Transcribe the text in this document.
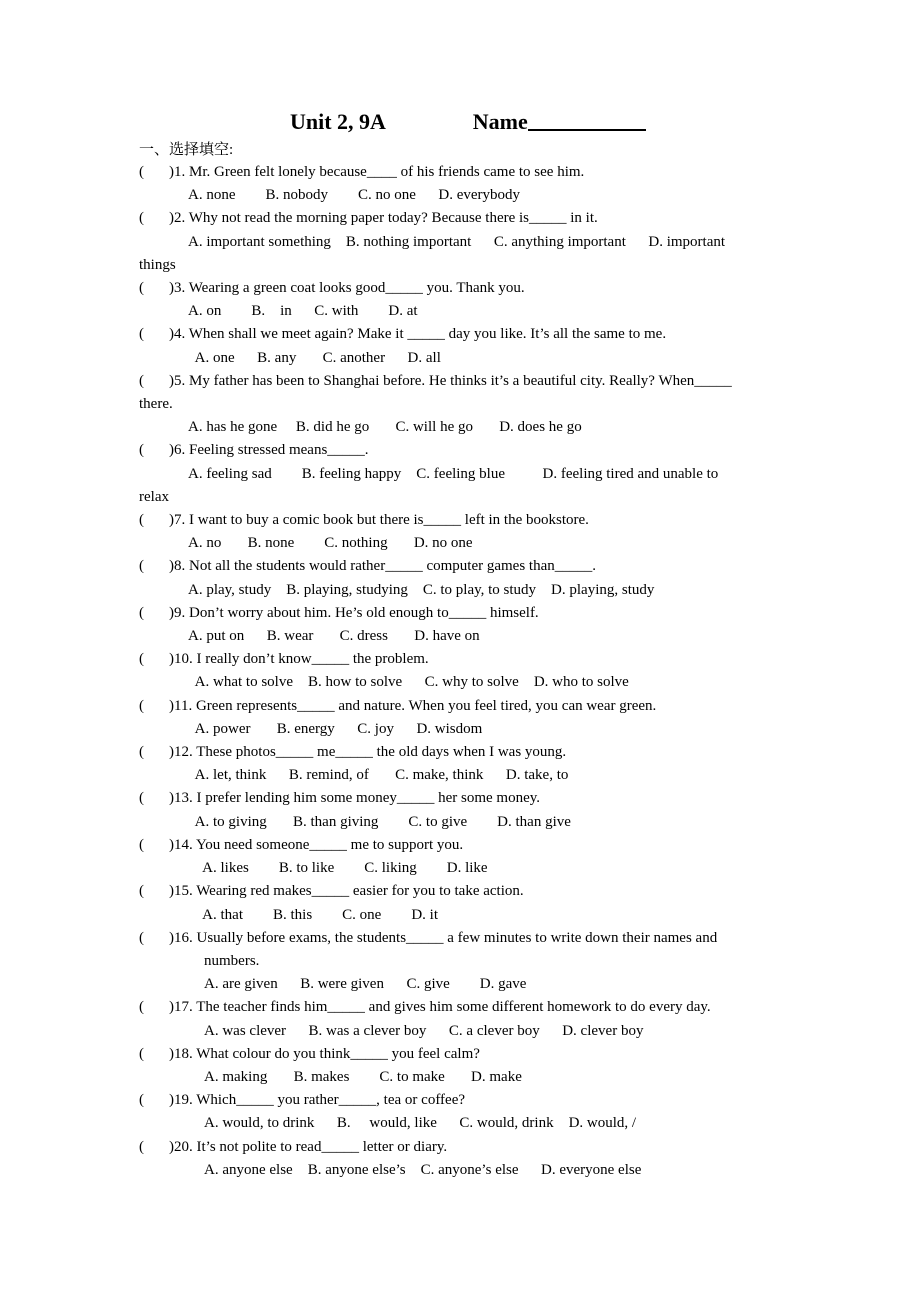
Unit 2, 9A	Name
一、选择填空:

( )1. Mr. Green felt lonely because____ of his friends came to see him.

A. none        B. nobody        C. no one      D. everybody

( )2. Why not read the morning paper today? Because there is_____ in it.

A. important something    B. nothing important      C. anything important      D. important

things

( )3. Wearing a green coat looks good_____ you. Thank you.

A. on        B.    in      C. with        D. at

( )4. When shall we meet again? Make it _____ day you like. It’s all the same to me.

A. one      B. any       C. another      D. all

( )5. My father has been to Shanghai before. He thinks it’s a beautiful city. Really? When_____

there.

A. has he gone     B. did he go       C. will he go       D. does he go

( )6. Feeling stressed means_____.

A. feeling sad        B. feeling happy    C. feeling blue          D. feeling tired and unable to

relax

( )7. I want to buy a comic book but there is_____ left in the bookstore.

A. no       B. none        C. nothing       D. no one

( )8. Not all the students would rather_____ computer games than_____.

A. play, study    B. playing, studying    C. to play, to study    D. playing, study

( )9. Don’t worry about him. He’s old enough to_____ himself.

A. put on      B. wear       C. dress       D. have on

( )10. I really don’t know_____ the problem.

A. what to solve    B. how to solve      C. why to solve    D. who to solve

( )11. Green represents_____ and nature. When you feel tired, you can wear green.

A. power       B. energy      C. joy      D. wisdom

( )12. These photos_____ me_____ the old days when I was young.

A. let, think      B. remind, of       C. make, think      D. take, to

( )13. I prefer lending him some money_____ her some money.

A. to giving       B. than giving        C. to give        D. than give

( )14. You need someone_____ me to support you.

A. likes        B. to like        C. liking        D. like

( )15. Wearing red makes_____ easier for you to take action.

A. that        B. this        C. one        D. it

( )16. Usually before exams, the students_____ a few minutes to write down their names and

numbers.

A. are given      B. were given      C. give        D. gave

( )17. The teacher finds him_____ and gives him some different homework to do every day.

A. was clever      B. was a clever boy      C. a clever boy      D. clever boy

( )18. What colour do you think_____ you feel calm?

A. making       B. makes        C. to make       D. make

( )19. Which_____ you rather_____, tea or coffee?

A. would, to drink      B.     would, like      C. would, drink    D. would, /

( )20. It’s not polite to read_____ letter or diary.

A. anyone else    B. anyone else’s    C. anyone’s else      D. everyone else
